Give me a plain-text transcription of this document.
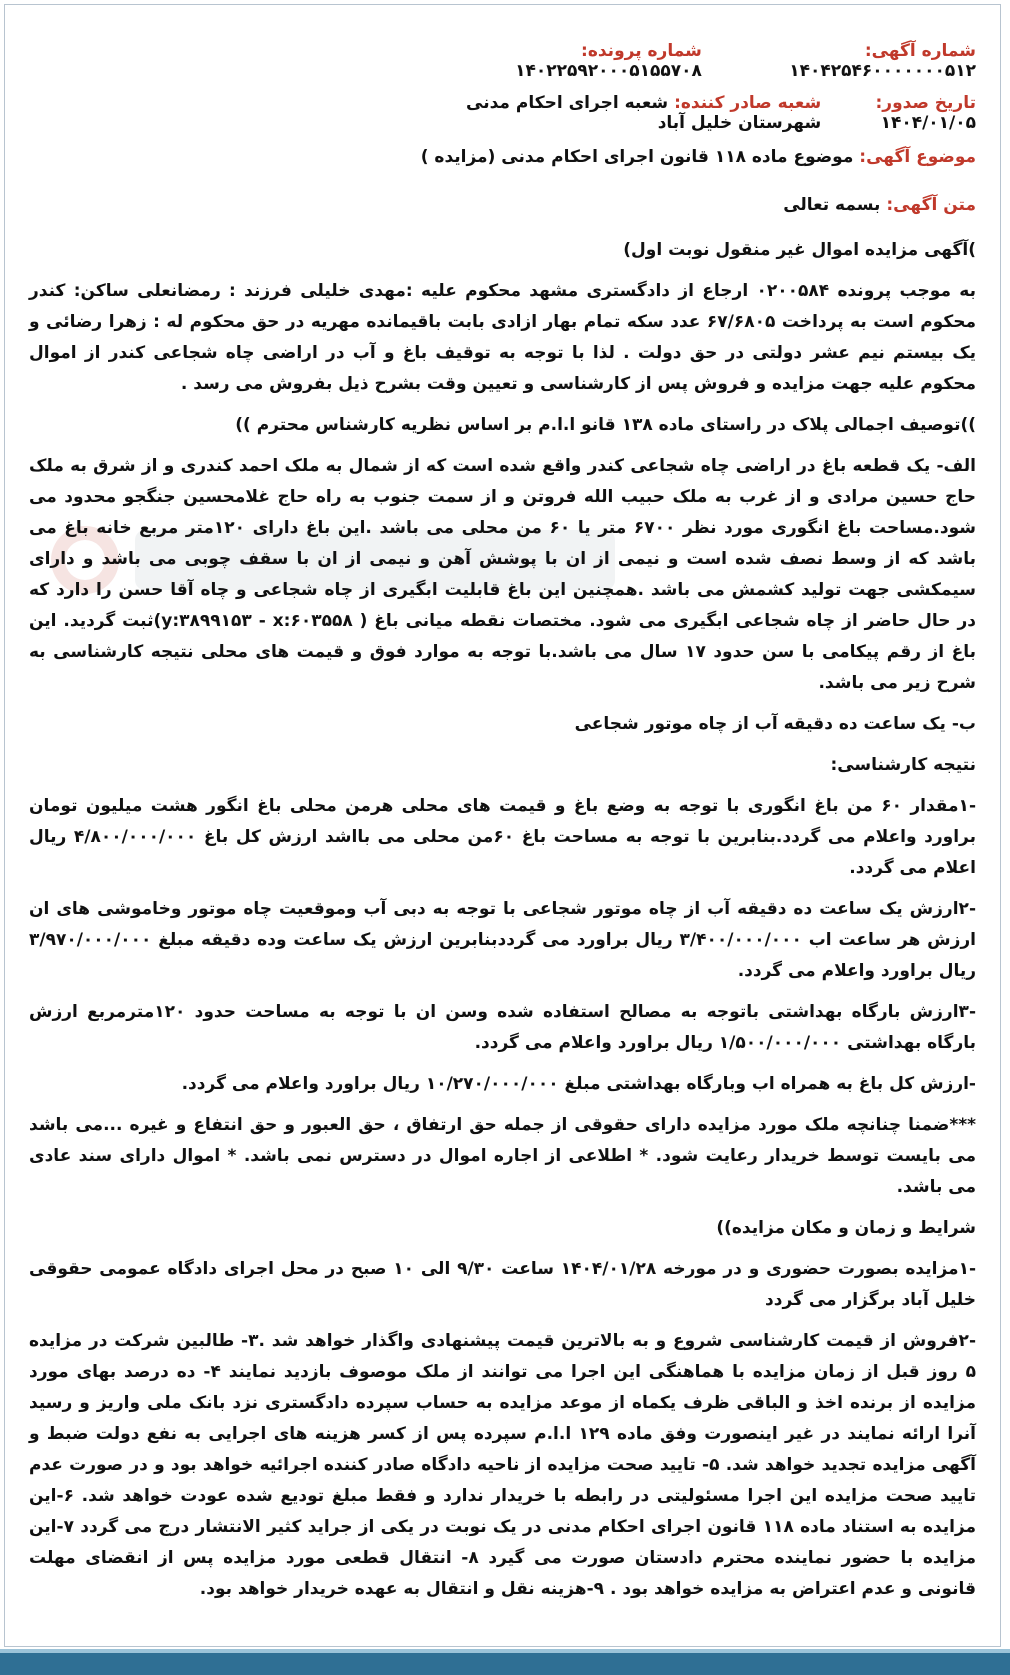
شماره آگهی: ۱۴۰۴۲۵۴۶۰۰۰۰۰۰۰۵۱۲
شماره پرونده: ۱۴۰۲۲۵۹۲۰۰۰۵۱۵۵۷۰۸
تاریخ صدور: ۱۴۰۴/۰۱/۰۵
شعبه صادر کننده: شعبه اجرای احکام مدنی شهرستان خلیل آباد
موضوع آگهی: موضوع ماده ۱۱۸ قانون اجرای احکام مدنی (مزایده )
متن آگهی: بسمه تعالی

)آگهی مزایده اموال غیر منقول نوبت اول)

به موجب پرونده ۰۲۰۰۵۸۴ ارجاع از دادگستری مشهد محکوم علیه :مهدی خلیلی فرزند : رمضانعلی ساکن: کندر محکوم است به پرداخت ۶۷/۶۸۰۵ عدد سکه تمام بهار ازادی بابت باقیمانده مهریه در حق محکوم له : زهرا رضائی و یک بیستم نیم عشر دولتی در حق دولت . لذا با توجه به توقیف باغ و آب در اراضی چاه شجاعی کندر از اموال محکوم علیه جهت مزایده و فروش پس از کارشناسی و تعیین وقت بشرح ذیل بفروش می رسد .

))توصیف اجمالی پلاک در راستای ماده ۱۳۸ قانو ا.ا.م بر اساس نظریه کارشناس محترم ))

الف- یک قطعه باغ در اراضی چاه شجاعی کندر واقع شده است که از شمال به ملک احمد کندری و از شرق به ملک حاج حسین مرادی و از غرب به ملک حبیب الله فروتن و از سمت جنوب به راه حاج غلامحسین جنگجو محدود می شود.مساحت باغ انگوری مورد نظر ۶۷۰۰ متر یا ۶۰ من محلی می باشد .این باغ دارای ۱۲۰متر مربع خانه باغ می باشد که از وسط نصف شده است و نیمی از ان با پوشش آهن و نیمی از ان با سقف چوبی می باشد و دارای سیمکشی جهت تولید کشمش می باشد .همچنین این باغ قابلیت ابگیری از چاه شجاعی و چاه آقا حسن را دارد که در حال حاضر از چاه شجاعی ابگیری می شود. مختصات نقطه میانی باغ ( y:۳۸۹۹۱۵۳ - x:۶۰۳۵۵۸)ثبت گردید. این باغ از رقم پیکامی با سن حدود ۱۷ سال می باشد.با توجه به موارد فوق و قیمت های محلی نتیجه کارشناسی به شرح زیر می باشد.

ب- یک ساعت ده دقیقه آب از چاه موتور شجاعی

نتیجه کارشناسی:

-۱مقدار ۶۰ من باغ انگوری با توجه به وضع باغ و قیمت های محلی هرمن محلی باغ انگور هشت میلیون تومان براورد واعلام می گردد.بنابرین با توجه به مساحت باغ ۶۰من محلی می بااشد ارزش کل باغ ۴/۸۰۰/۰۰۰/۰۰۰ ریال اعلام می گردد.

-۲ارزش یک ساعت ده دقیقه آب از چاه موتور شجاعی با توجه به دبی آب وموقعیت چاه موتور وخاموشی های ان ارزش هر ساعت اب ۳/۴۰۰/۰۰۰/۰۰۰ ریال براورد می گرددبنابرین ارزش یک ساعت وده دقیقه مبلغ ۳/۹۷۰/۰۰۰/۰۰۰ ریال براورد واعلام می گردد.

-۳ارزش بارگاه بهداشتی باتوجه به مصالح استفاده شده وسن ان با توجه به مساحت حدود ۱۲۰مترمربع ارزش بارگاه بهداشتی ۱/۵۰۰/۰۰۰/۰۰۰ ریال براورد واعلام می گردد.

-ارزش کل باغ به همراه اب وبارگاه بهداشتی مبلغ ۱۰/۲۷۰/۰۰۰/۰۰۰ ریال براورد واعلام می گردد.

***ضمنا چنانچه ملک مورد مزایده دارای حقوقی از جمله حق ارتفاق ، حق العبور و حق انتفاع و غیره ...می باشد می بایست توسط خریدار رعایت شود. * اطلاعی از اجاره اموال در دسترس نمی باشد. * اموال دارای سند عادی می باشد.

شرایط و زمان و مکان مزایده))

-۱مزایده بصورت حضوری و در مورخه ۱۴۰۴/۰۱/۲۸ ساعت ۹/۳۰ الی ۱۰ صبح در محل اجرای دادگاه عمومی حقوقی خلیل آباد برگزار می گردد

-۲فروش از قیمت کارشناسی شروع و به بالاترین قیمت پیشنهادی واگذار خواهد شد .۳- طالبین شرکت در مزایده ۵ روز قبل از زمان مزایده با هماهنگی این اجرا می توانند از ملک موصوف بازدید نمایند ۴- ده درصد بهای مورد مزایده از برنده اخذ و الباقی ظرف یکماه از موعد مزایده به حساب سپرده دادگستری نزد بانک ملی واریز و رسید آنرا ارائه نمایند در غیر اینصورت وفق ماده ۱۲۹ ا.ا.م سپرده پس از کسر هزینه های اجرایی به نفع دولت ضبط و آگهی مزایده تجدید خواهد شد. ۵- تایید صحت مزایده از ناحیه دادگاه صادر کننده اجرائیه خواهد بود و در صورت عدم تایید صحت مزایده این اجرا مسئولیتی در رابطه با خریدار ندارد و فقط مبلغ تودیع شده عودت خواهد شد. ۶-این مزایده به استناد ماده ۱۱۸ قانون اجرای احکام مدنی در یک نوبت در یکی از جراید کثیر الانتشار درج می گردد ۷-این مزایده با حضور نماینده محترم دادستان صورت می گیرد ۸- انتقال قطعی مورد مزایده پس از انقضای مهلت قانونی و عدم اعتراض به مزایده خواهد بود . ۹-هزینه نقل و انتقال به عهده خریدار خواهد بود.
